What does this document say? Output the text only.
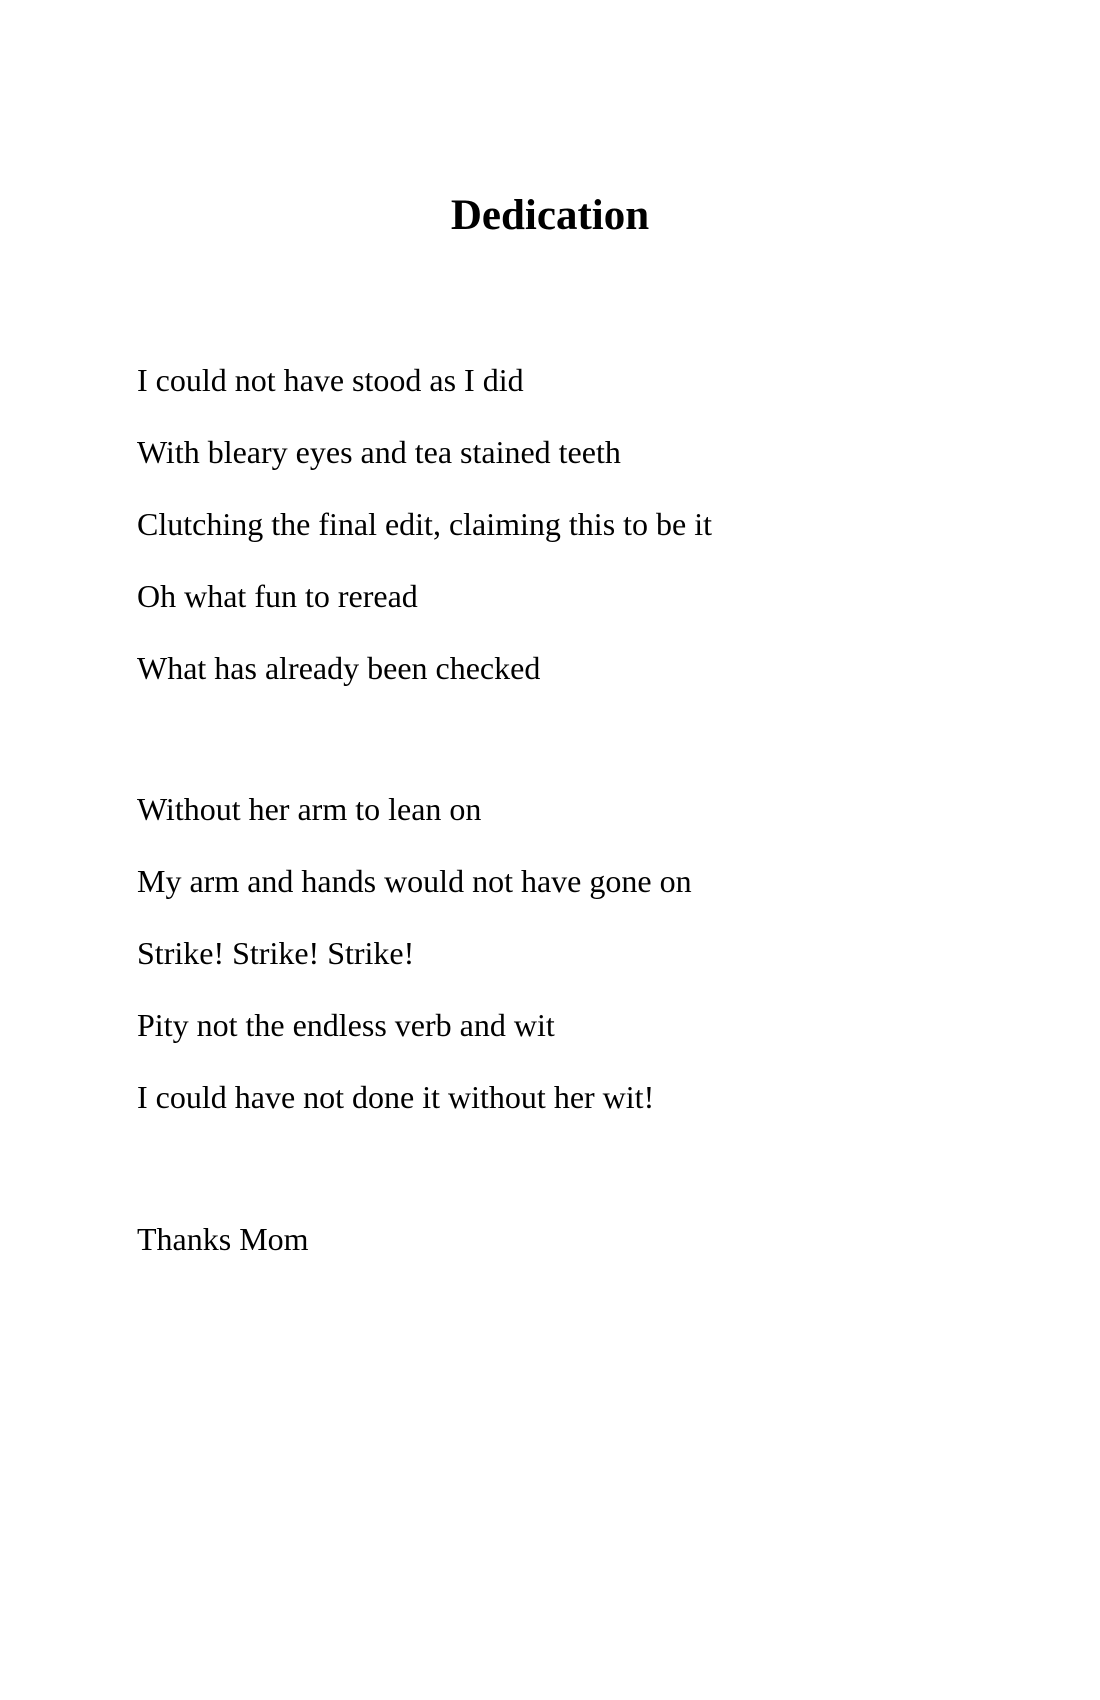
Dedication
I could not have stood as I did
With bleary eyes and tea stained teeth
Clutching the final edit, claiming this to be it
Oh what fun to reread
What has already been checked
Without her arm to lean on
My arm and hands would not have gone on
Strike! Strike! Strike!
Pity not the endless verb and wit
I could have not done it without her wit!
Thanks Mom
